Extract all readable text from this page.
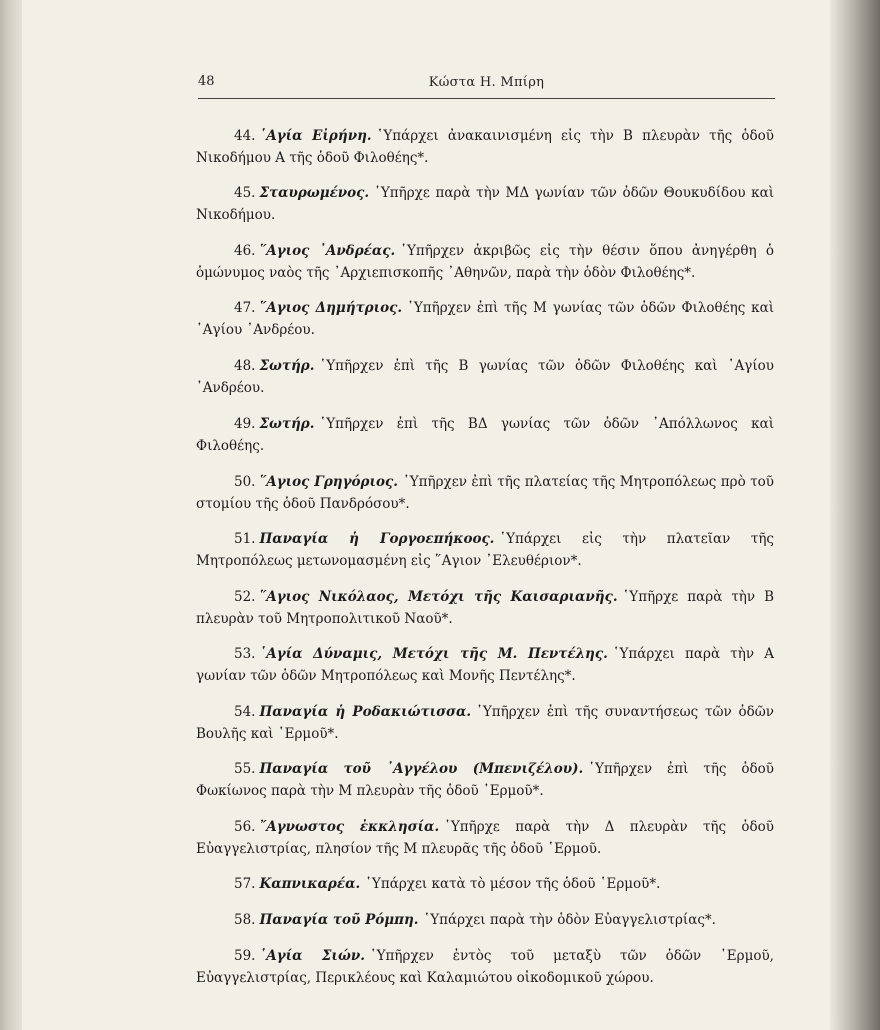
48	Κώστα Η. Μπίρη

44. ῾Αγία Εἰρήνη. ῾Υπάρχει ἀνακαινισμένη εἰς τὴν Β πλευρὰν τῆς ὁδοῦ Νικοδήμου Α τῆς ὁδοῦ Φιλοθέης*.

45. Σταυρωμένος. ῾Υπῆρχε παρὰ τὴν ΜΔ γωνίαν τῶν ὁδῶν Θουκυδίδου καὶ Νικοδήμου.

46. ῞Αγιος ᾿Ανδρέας. ῾Υπῆρχεν ἀκριβῶς εἰς τὴν θέσιν ὅπου ἀνηγέρθη ὁ ὁμώνυμος ναὸς τῆς ᾿Αρχιεπισκοπῆς ᾿Αθηνῶν, παρὰ τὴν ὁδὸν Φιλοθέης*.

47. ῞Αγιος Δημήτριος. ῾Υπῆρχεν ἐπὶ τῆς Μ γωνίας τῶν ὁδῶν Φιλοθέης καὶ ῾Αγίου ᾿Ανδρέου.

48. Σωτήρ. ῾Υπῆρχεν ἐπὶ τῆς Β γωνίας τῶν ὁδῶν Φιλοθέης καὶ ῾Αγίου ᾿Ανδρέου.

49. Σωτήρ. ῾Υπῆρχεν ἐπὶ τῆς ΒΔ γωνίας τῶν ὁδῶν ᾿Απόλλωνος καὶ Φιλοθέης.

50. ῞Αγιος Γρηγόριος. ῾Υπῆρχεν ἐπὶ τῆς πλατείας τῆς Μητροπόλεως πρὸ τοῦ στομίου τῆς ὁδοῦ Πανδρόσου*.

51. Παναγία ἡ Γοργοεπήκοος. ῾Υπάρχει εἰς τὴν πλατεῖαν τῆς Μητροπόλεως μετωνομασμένη εἰς ῞Αγιον ᾿Ελευθέριον*.

52. ῞Αγιος Νικόλαος, Μετόχι τῆς Καισαριανῆς. ῾Υπῆρχε παρὰ τὴν Β πλευρὰν τοῦ Μητροπολιτικοῦ Ναοῦ*.

53. ῾Αγία Δύναμις, Μετόχι τῆς Μ. Πεντέλης. ῾Υπάρχει παρὰ τὴν Α γωνίαν τῶν ὁδῶν Μητροπόλεως καὶ Μονῆς Πεντέλης*.

54. Παναγία ἡ Ροδακιώτισσα. ῾Υπῆρχεν ἐπὶ τῆς συναντήσεως τῶν ὁδῶν Βουλῆς καὶ ῾Ερμοῦ*.

55. Παναγία τοῦ ᾿Αγγέλου (Μπενιζέλου). ῾Υπῆρχεν ἐπὶ τῆς ὁδοῦ Φωκίωνος παρὰ τὴν Μ πλευρὰν τῆς ὁδοῦ ῾Ερμοῦ*.

56. ῎Αγνωστος ἐκκλησία. ῾Υπῆρχε παρὰ τὴν Δ πλευρὰν τῆς ὁδοῦ Εὐαγγελιστρίας, πλησίον τῆς Μ πλευρᾶς τῆς ὁδοῦ ῾Ερμοῦ.

57. Καπνικαρέα. ῾Υπάρχει κατὰ τὸ μέσον τῆς ὁδοῦ ῾Ερμοῦ*.

58. Παναγία τοῦ Ρόμπη. ῾Υπάρχει παρὰ τὴν ὁδὸν Εὐαγγελιστρίας*.

59. ῾Αγία Σιών. ῾Υπῆρχεν ἐντὸς τοῦ μεταξὺ τῶν ὁδῶν ῾Ερμοῦ, Εὐαγγελιστρίας, Περικλέους καὶ Καλαμιώτου οἰκοδομικοῦ χώρου.
